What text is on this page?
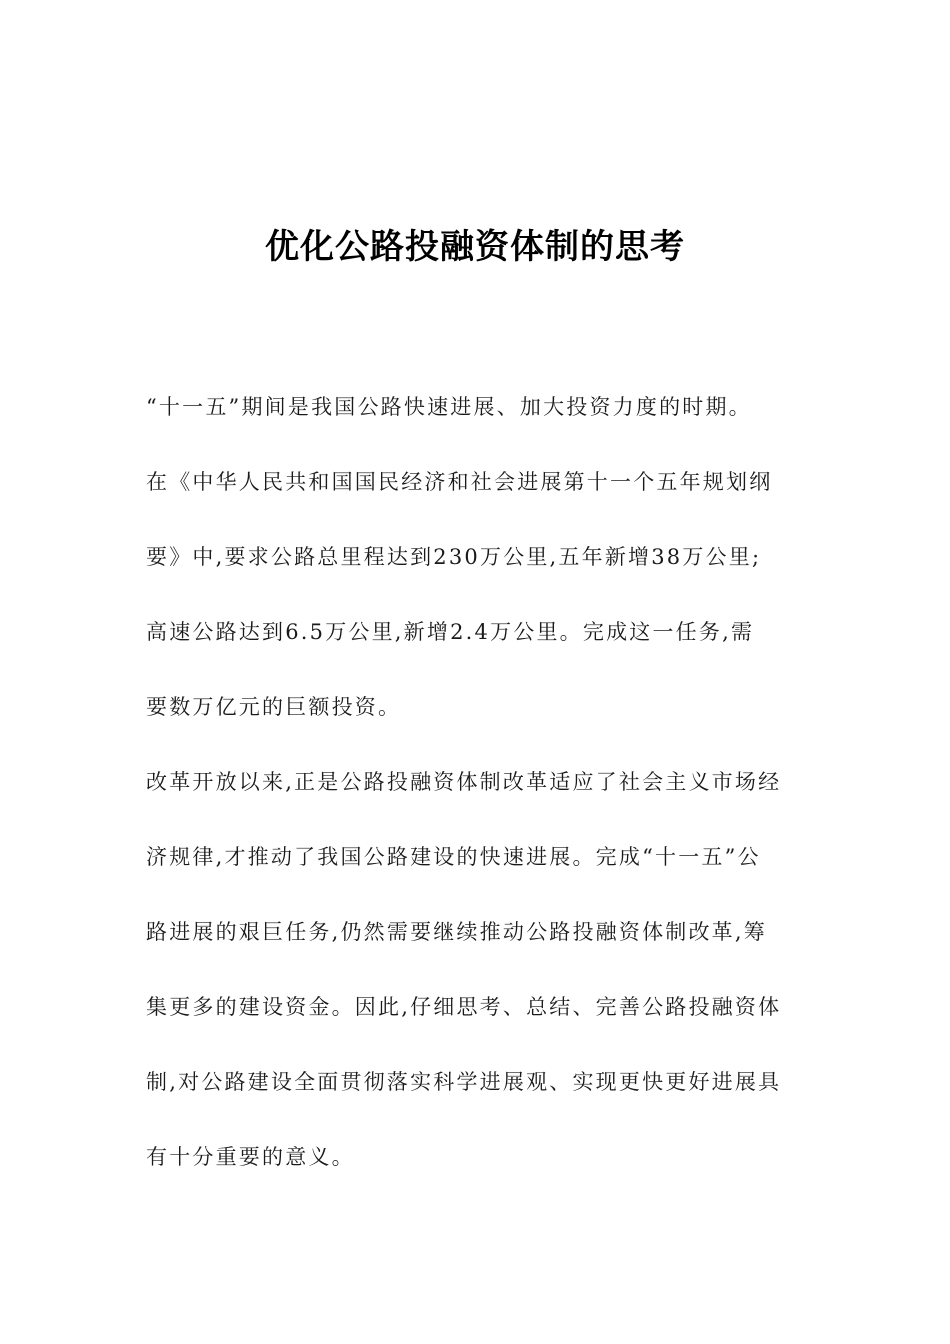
优化公路投融资体制的思考
“十一五”期间是我国公路快速进展、加大投资力度的时期。
在《中华人民共和国国民经济和社会进展第十一个五年规划纲
要》中,要求公路总里程达到230万公里,五年新增38万公里;
高速公路达到6.5万公里,新增2.4万公里。完成这一任务,需
要数万亿元的巨额投资。
改革开放以来,正是公路投融资体制改革适应了社会主义市场经
济规律,才推动了我国公路建设的快速进展。完成“十一五”公
路进展的艰巨任务,仍然需要继续推动公路投融资体制改革,筹
集更多的建设资金。因此,仔细思考、总结、完善公路投融资体
制,对公路建设全面贯彻落实科学进展观、实现更快更好进展具
有十分重要的意义。
